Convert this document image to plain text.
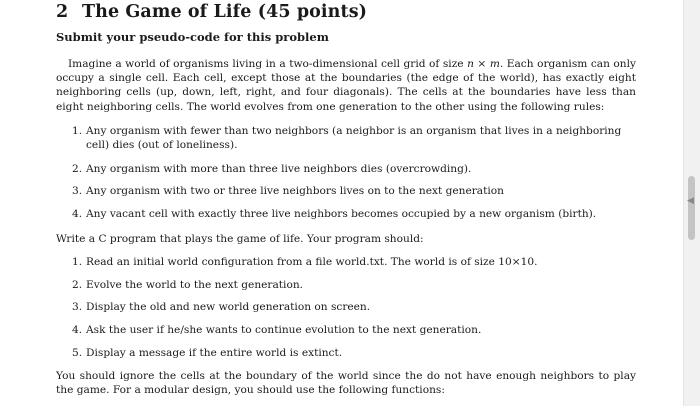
2 The Game of Life (45 points)
Submit your pseudo-code for this problem
Imagine a world of organisms living in a two-dimensional cell grid of size n × m. Each organism can only occupy a single cell. Each cell, except those at the boundaries (the edge of the world), has exactly eight neighboring cells (up, down, left, right, and four diagonals). The cells at the boundaries have less than eight neighboring cells. The world evolves from one generation to the other using the following rules:
1. Any organism with fewer than two neighbors (a neighbor is an organism that lives in a neighboring cell) dies (out of loneliness).
2. Any organism with more than three live neighbors dies (overcrowding).
3. Any organism with two or three live neighbors lives on to the next generation
4. Any vacant cell with exactly three live neighbors becomes occupied by a new organism (birth).
Write a C program that plays the game of life. Your program should:
1. Read an initial world configuration from a file world.txt. The world is of size 10×10.
2. Evolve the world to the next generation.
3. Display the old and new world generation on screen.
4. Ask the user if he/she wants to continue evolution to the next generation.
5. Display a message if the entire world is extinct.
You should ignore the cells at the boundary of the world since the do not have enough neighbors to play the game. For a modular design, you should use the following functions:
◀
